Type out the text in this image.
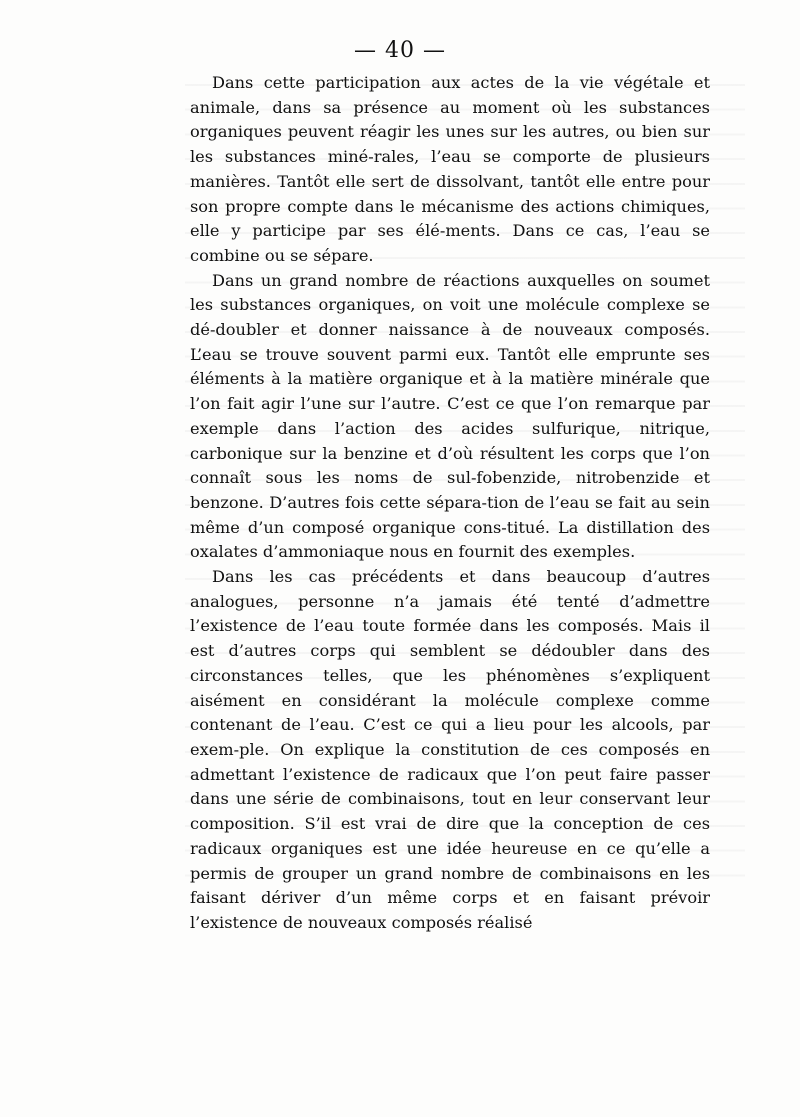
— 40 —

Dans cette participation aux actes de la vie végétale et animale, dans sa présence au moment où les substances organiques peuvent réagir les unes sur les autres, ou bien sur les substances miné-rales, l’eau se comporte de plusieurs manières. Tantôt elle sert de dissolvant, tantôt elle entre pour son propre compte dans le mécanisme des actions chimiques, elle y participe par ses élé-ments. Dans ce cas, l’eau se combine ou se sépare.

Dans un grand nombre de réactions auxquelles on soumet les substances organiques, on voit une molécule complexe se dé-doubler et donner naissance à de nouveaux composés. L’eau se trouve souvent parmi eux. Tantôt elle emprunte ses éléments à la matière organique et à la matière minérale que l’on fait agir l’une sur l’autre. C’est ce que l’on remarque par exemple dans l’action des acides sulfurique, nitrique, carbonique sur la benzine et d’où résultent les corps que l’on connaît sous les noms de sul-fobenzide, nitrobenzide et benzone. D’autres fois cette sépara-tion de l’eau se fait au sein même d’un composé organique cons-titué. La distillation des oxalates d’ammoniaque nous en fournit des exemples.

Dans les cas précédents et dans beaucoup d’autres analogues, personne n’a jamais été tenté d’admettre l’existence de l’eau toute formée dans les composés. Mais il est d’autres corps qui semblent se dédoubler dans des circonstances telles, que les phénomènes s’expliquent aisément en considérant la molécule complexe comme contenant de l’eau. C’est ce qui a lieu pour les alcools, par exem-ple. On explique la constitution de ces composés en admettant l’existence de radicaux que l’on peut faire passer dans une série de combinaisons, tout en leur conservant leur composition. S’il est vrai de dire que la conception de ces radicaux organiques est une idée heureuse en ce qu’elle a permis de grouper un grand nombre de combinaisons en les faisant dériver d’un même corps et en faisant prévoir l’existence de nouveaux composés réalisé
